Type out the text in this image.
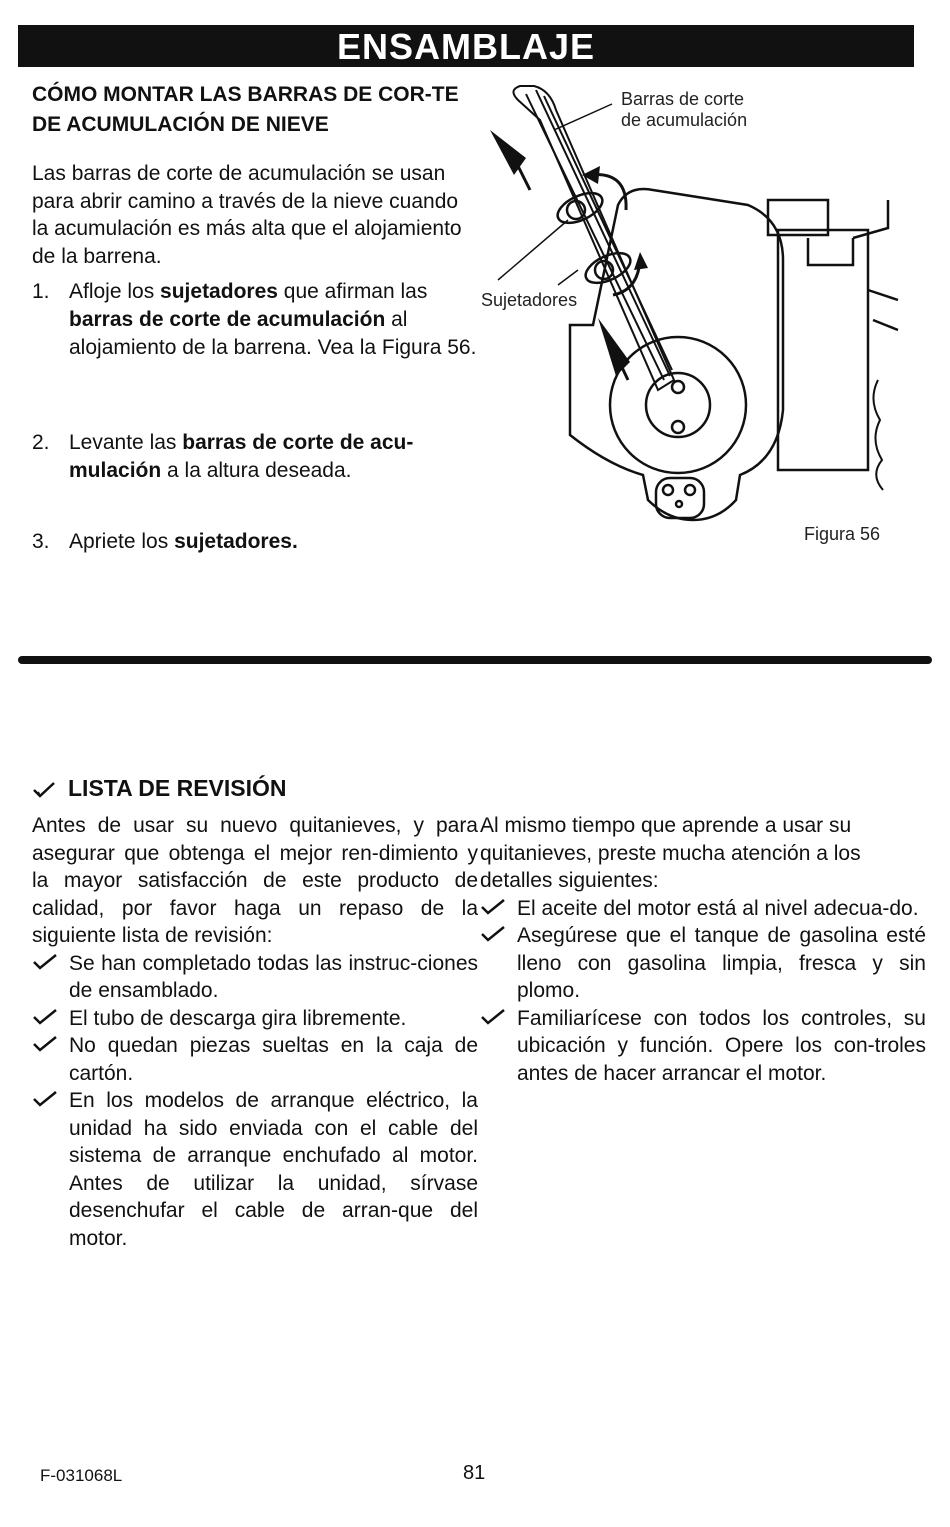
ENSAMBLAJE
CÓMO MONTAR LAS BARRAS DE COR-TE DE ACUMULACIÓN DE NIEVE
Las barras de corte de acumulación se usan para abrir camino a través de la nieve cuando la acumulación es más alta que el alojamiento de la barrena.
1. Afloje los sujetadores que afirman las barras de corte de acumulación al alojamiento de la barrena. Vea la Figura 56.
2. Levante las barras de corte de acu-mulación a la altura deseada.
3. Apriete los sujetadores.
Barras de corte
de acumulación
Sujetadores
Figura 56
LISTA DE REVISIÓN

Antes de usar su nuevo quitanieves, y para asegurar que obtenga el mejor ren-dimiento y la mayor satisfacción de este producto de calidad, por favor haga un repaso de la siguiente lista de revisión:

Se han completado todas las instruc-ciones de ensamblado.
El tubo de descarga gira libremente.
No quedan piezas sueltas en la caja de cartón.
En los modelos de arranque eléctrico, la unidad ha sido enviada con el cable del sistema de arranque enchufado al motor. Antes de utilizar la unidad, sírvase desenchufar el cable de arran-que del motor.

Al mismo tiempo que aprende a usar su quitanieves, preste mucha atención a los detalles siguientes:

El aceite del motor está al nivel adecua-do.
Asegúrese que el tanque de gasolina esté lleno con gasolina limpia, fresca y sin plomo.
Familiarícese con todos los controles, su ubicación y función. Opere los con-troles antes de hacer arrancar el motor.
F-031068L	81
